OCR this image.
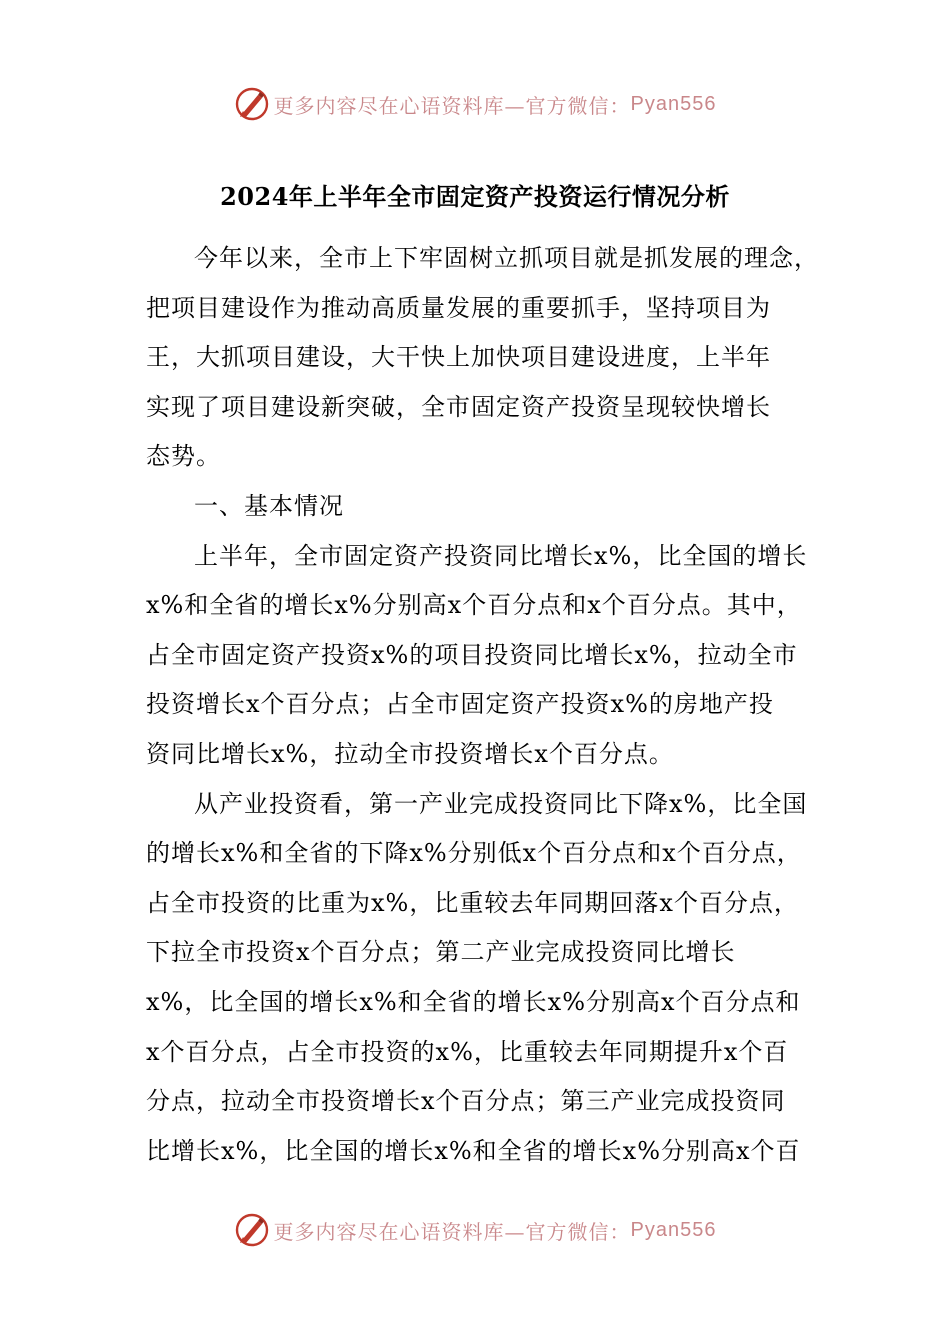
更多内容尽在心语资料库—官方微信： Pyan556
2024年上半年全市固定资产投资运行情况分析
今年以来，全市上下牢固树立抓项目就是抓发展的理念，
把项目建设作为推动高质量发展的重要抓手，坚持项目为
王，大抓项目建设，大干快上加快项目建设进度，上半年
实现了项目建设新突破，全市固定资产投资呈现较快增长
态势。
一、基本情况
上半年，全市固定资产投资同比增长x%，比全国的增长
x%和全省的增长x%分别高x个百分点和x个百分点。其中，
占全市固定资产投资x%的项目投资同比增长x%，拉动全市
投资增长x个百分点；占全市固定资产投资x%的房地产投
资同比增长x%，拉动全市投资增长x个百分点。
从产业投资看，第一产业完成投资同比下降x%，比全国
的增长x%和全省的下降x%分别低x个百分点和x个百分点，
占全市投资的比重为x%，比重较去年同期回落x个百分点，
下拉全市投资x个百分点；第二产业完成投资同比增长
x%，比全国的增长x%和全省的增长x%分别高x个百分点和
x个百分点，占全市投资的x%，比重较去年同期提升x个百
分点，拉动全市投资增长x个百分点；第三产业完成投资同
比增长x%，比全国的增长x%和全省的增长x%分别高x个百
更多内容尽在心语资料库—官方微信： Pyan556
